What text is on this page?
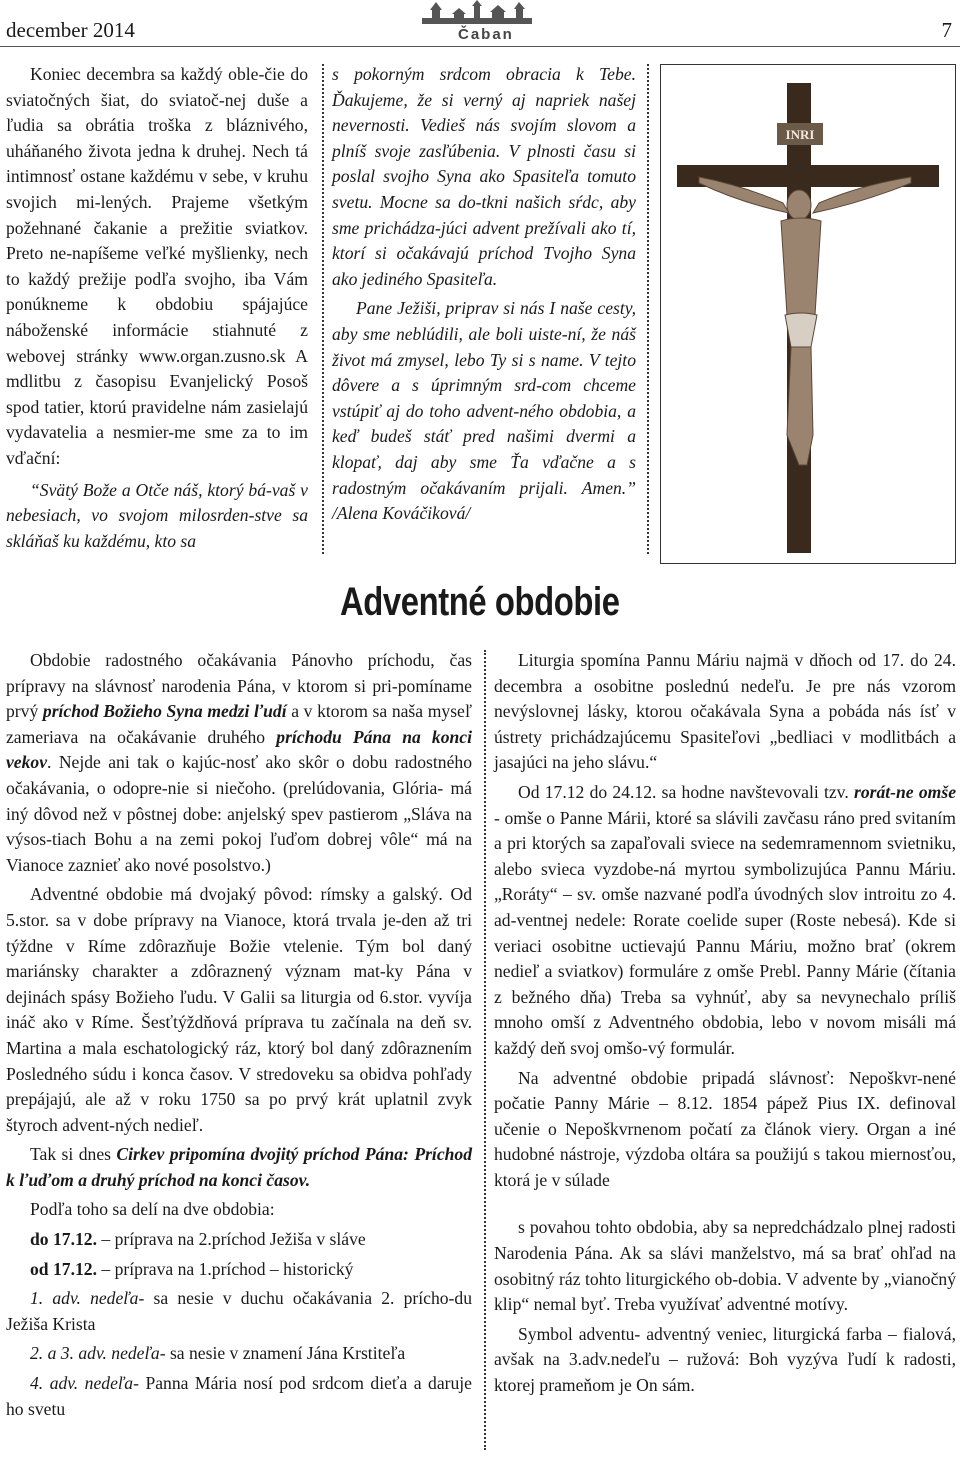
december 2014	Čaban	7

Koniec decembra sa každý oble-čie do sviatočných šiat, do sviatoč-nej duše a ľudia sa obrátia troška z bláznivého, uháňaného života jedna k druhej. Nech tá intimnosť ostane každému v sebe, v kruhu svojich mi-lených. Prajeme všetkým požehnané čakanie a prežitie sviatkov. Preto ne-napíšeme veľké myšlienky, nech to každý prežije podľa svojho, iba Vám ponúkneme k obdobiu spájajúce náboženské informácie stiahnuté z webovej stránky www.organ.zusno.sk A mdlitbu z časopisu Evanjelický Posoš spod tatier, ktorú pravidelne nám zasielajú vydavatelia a nesmier-me sme za to im vďační:

“Svätý Bože a Otče náš, ktorý bá-vaš v nebesiach, vo svojom milosrden-stve sa skláňaš ku každému, kto sa

s pokorným srdcom obracia k Tebe. Ďakujeme, že si verný aj napriek našej nevernosti. Vedieš nás svojím slovom a plníš svoje zasľúbenia. V plnosti času si poslal svojho Syna ako Spasiteľa tomuto svetu. Mocne sa do-tkni našich sŕdc, aby sme prichádza-júci advent prežívali ako tí, ktorí si očakávajú príchod Tvojho Syna ako jediného Spasiteľa.

Pane Ježiši, priprav si nás I naše cesty, aby sme neblúdili, ale boli uiste-ní, že náš život má zmysel, lebo Ty si s name. V tejto dôvere a s úprimným srd-com chceme vstúpiť aj do toho advent-ného obdobia, a keď budeš stáť pred našimi dvermi a klopať, daj aby sme Ťa vďačne a s radostným očakávaním prijali. Amen.” /Alena Kováčiková/

INRI
Adventné obdobie

Obdobie radostného očakávania Pánovho príchodu, čas prípravy na slávnosť narodenia Pána, v ktorom si pri-pomíname prvý príchod Božieho Syna medzi ľudí a v ktorom sa naša myseľ zameriava na očakávanie druhého príchodu Pána na konci vekov. Nejde ani tak o kajúc-nosť ako skôr o dobu radostného očakávania, o odopre-nie si niečoho. (prelúdovania, Glória- má iný dôvod než v pôstnej dobe: anjelský spev pastierom „Sláva na výsos-tiach Bohu a na zemi pokoj ľuďom dobrej vôle“ má na Vianoce zaznieť ako nové posolstvo.)

Adventné obdobie má dvojaký pôvod: rímsky a galský. Od 5.stor. sa v dobe prípravy na Vianoce, ktorá trvala je-den až tri týždne v Ríme zdôrazňuje Božie vtelenie. Tým bol daný mariánsky charakter a zdôraznený význam mat-ky Pána v dejinách spásy Božieho ľudu. V Galii sa liturgia od 6.stor. vyvíja ináč ako v Ríme. Šesťtýždňová príprava tu začínala na deň sv. Martina a mala eschatologický ráz, ktorý bol daný zdôraznením Posledného súdu i konca časov. V stredoveku sa obidva pohľady prepájajú, ale až v roku 1750 sa po prvý krát uplatnil zvyk štyroch advent-ných nedieľ.

Tak si dnes Cirkev pripomína dvojitý príchod Pána: Príchod k ľuďom a druhý príchod na konci časov.

Podľa toho sa delí na dve obdobia:

do 17.12. – príprava na 2.príchod Ježiša v sláve

od 17.12. – príprava na 1.príchod – historický

1. adv. nedeľa- sa nesie v duchu očakávania 2. prícho-du Ježiša Krista

2. a 3. adv. nedeľa- sa nesie v znamení Jána Krstiteľa

4. adv. nedeľa- Panna Mária nosí pod srdcom dieťa a daruje ho svetu

Liturgia spomína Pannu Máriu najmä v dňoch od 17. do 24. decembra a osobitne poslednú nedeľu. Je pre nás vzorom nevýslovnej lásky, ktorou očakávala Syna a pobáda nás ísť v ústrety prichádzajúcemu Spasiteľovi „bedliaci v modlitbách a jasajúci na jeho slávu.“

Od 17.12 do 24.12. sa hodne navštevovali tzv. rorát-ne omše - omše o Panne Márii, ktoré sa slávili zavčasu ráno pred svitaním a pri ktorých sa zapaľovali sviece na sedemramennom svietniku, alebo sviecа vyzdobe-ná myrtou symbolizujúca Pannu Máriu. „Roráty“ – sv. omše nazvané podľa úvodných slov introitu zo 4. ad-ventnej nedele: Rorate coelide super (Roste nebesá). Kde si veriaci osobitne uctievajú Pannu Máriu, možno brať (okrem nedieľ a sviatkov) formuláre z omše Prebl. Panny Márie (čítania z bežného dňa) Treba sa vyhnúť, aby sa nevynechalo príliš mnoho omší z Adventného obdobia, lebo v novom misáli má každý deň svoj omšo-vý formulár.

Na adventné obdobie pripadá slávnosť: Nepoškvr-nené počatie Panny Márie – 8.12. 1854 pápež Pius IX. definoval učenie o Nepoškvrnenom počatí za článok viery. Organ a iné hudobné nástroje, výzdoba oltára sa použijú s takou miernosťou, ktorá je v súlade

s povahou tohto obdobia, aby sa nepredchádzalo plnej radosti Narodenia Pána. Ak sa slávi manželstvo, má sa brať ohľad na osobitný ráz tohto liturgického ob-dobia. V advente by „vianočný klip“ nemal byť. Treba využívať adventné motívy.

Symbol adventu- adventný veniec, liturgická farba – fialová, avšak na 3.adv.nedeľu – ružová: Boh vyzýva ľudí k radosti, ktorej prameňom je On sám.
